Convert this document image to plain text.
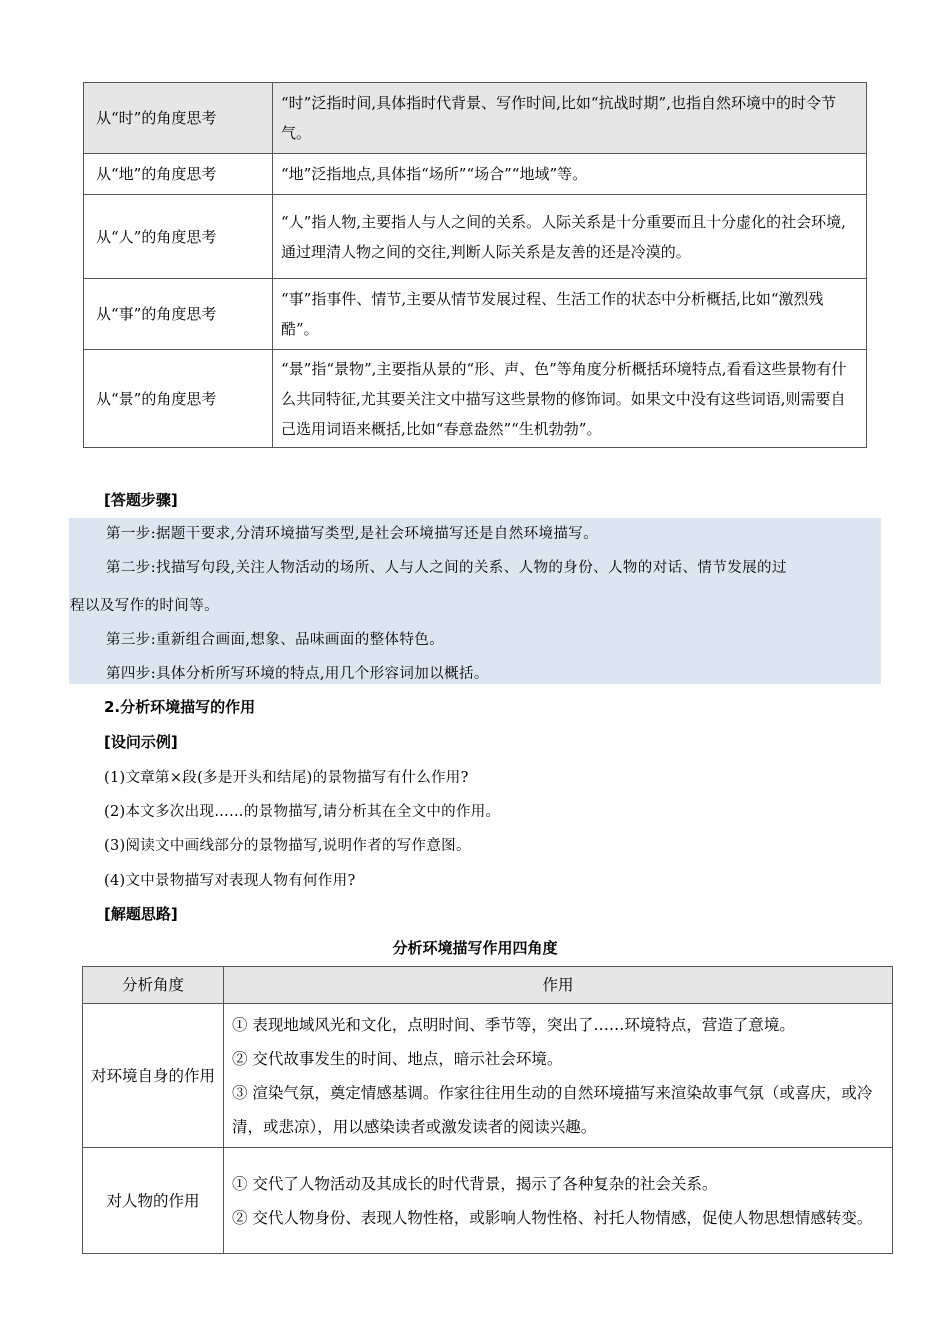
从“时”的角度思考	“时”泛指时间,具体指时代背景、写作时间,比如“抗战时期”,也指自然环境中的时令节气。
从“地”的角度思考	“地”泛指地点,具体指“场所”“场合”“地域”等。
从“人”的角度思考	“人”指人物,主要指人与人之间的关系。人际关系是十分重要而且十分虚化的社会环境,通过理清人物之间的交往,判断人际关系是友善的还是冷漠的。
从“事”的角度思考	“事”指事件、情节,主要从情节发展过程、生活工作的状态中分析概括,比如“激烈残酷”。
从“景”的角度思考	“景”指“景物”,主要指从景的“形、声、色”等角度分析概括环境特点,看看这些景物有什么共同特征,尤其要关注文中描写这些景物的修饰词。如果文中没有这些词语,则需要自己选用词语来概括,比如“春意盎然”“生机勃勃”。
[答题步骤]
第一步:据题干要求,分清环境描写类型,是社会环境描写还是自然环境描写。
第二步:找描写句段,关注人物活动的场所、人与人之间的关系、人物的身份、人物的对话、情节发展的过
程以及写作的时间等。
第三步:重新组合画面,想象、品味画面的整体特色。
第四步:具体分析所写环境的特点,用几个形容词加以概括。
2.分析环境描写的作用
[设问示例]
(1)文章第×段(多是开头和结尾)的景物描写有什么作用?
(2)本文多次出现……的景物描写,请分析其在全文中的作用。
(3)阅读文中画线部分的景物描写,说明作者的写作意图。
(4)文中景物描写对表现人物有何作用?
[解题思路]
分析环境描写作用四角度
分析角度	作用
对环境自身的作用	① 表现地域风光和文化，点明时间、季节等，突出了……环境特点，营造了意境。
② 交代故事发生的时间、地点，暗示社会环境。
③ 渲染气氛，奠定情感基调。作家往往用生动的自然环境描写来渲染故事气氛（或喜庆，或冷清，或悲凉），用以感染读者或激发读者的阅读兴趣。

对人物的作用	① 交代了人物活动及其成长的时代背景，揭示了各种复杂的社会关系。
② 交代人物身份、表现人物性格，或影响人物性格、衬托人物情感，促使人物思想情感转变。
